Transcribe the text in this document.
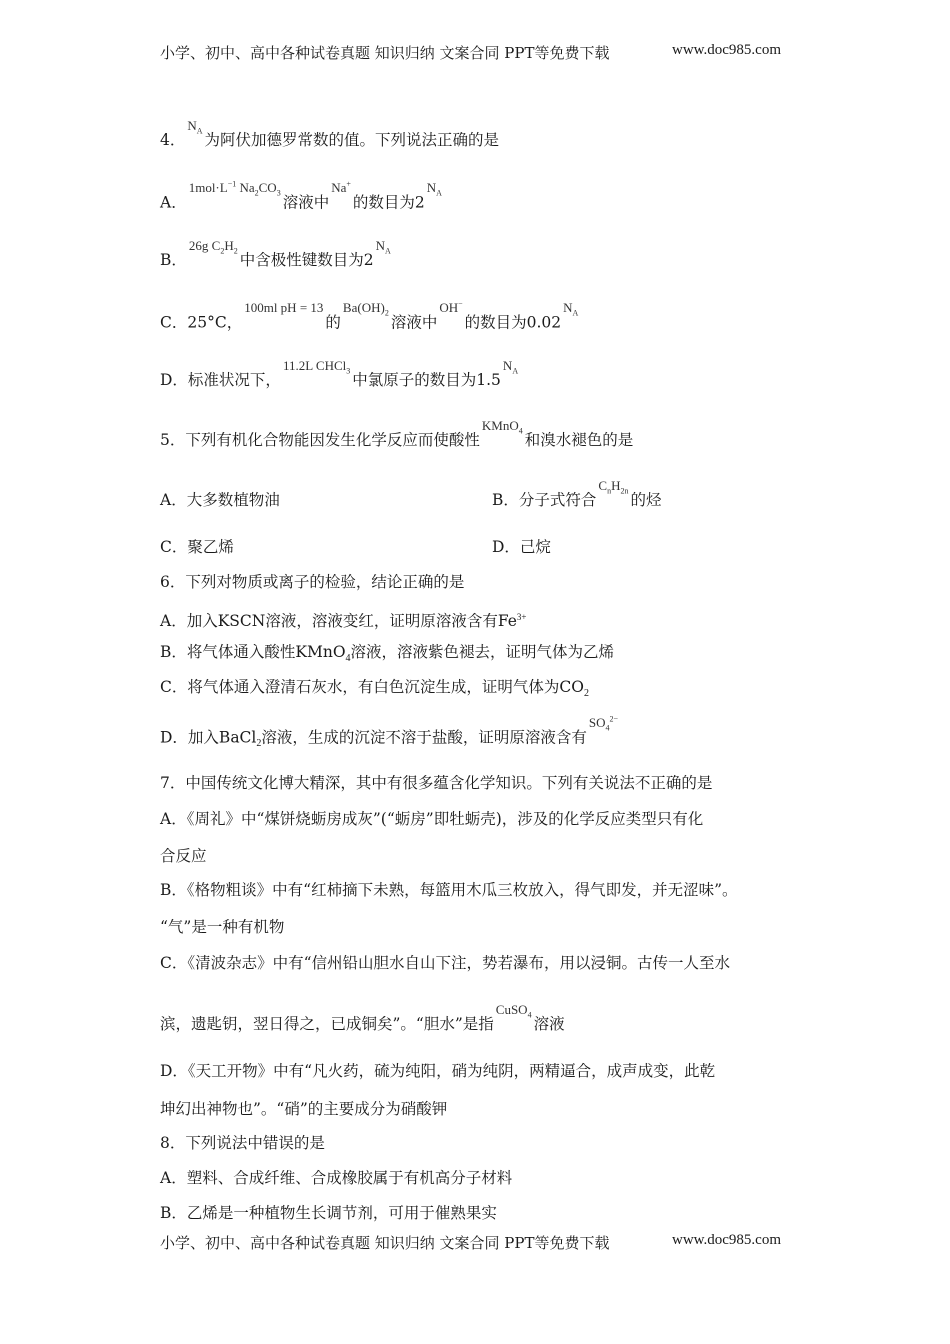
小学、初中、高中各种试卷真题 知识归纳 文案合同 PPT等免费下载	www.doc985.com
4．$^{N_A}$ 为阿伏加德罗常数的值。下列说法正确的是
A．$^{1mol\cdot L^{-1} Na_2CO_3}$ 溶液中$^{Na^+}$的数目为$2^{N_A}$
B．$^{26g C_2H_2}$ 中含极性键数目为$2^{N_A}$
C．25°C，$^{100ml pH = 13}$的$^{Ba(OH)_2}$ 溶液中$^{OH^-}$的数目为$0.02^{N_A}$
D．标准状况下，$^{11.2L CHCl_3}$ 中氯原子的数目为$1.5^{N_A}$
5．下列有机化合物能因发生化学反应而使酸性$^{KMnO_4}$ 和溴水褪色的是
A．大多数植物油	B．分子式符合$^{C_nH_{2n}}$ 的烃
C．聚乙烯	D．己烷
6．下列对物质或离子的检验，结论正确的是
A．加入KSCN溶液，溶液变红，证明原溶液含有$Fe^{3+}$
B．将气体通入酸性KMnO$_4$溶液，溶液紫色褪去，证明气体为乙烯
C．将气体通入澄清石灰水，有白色沉淀生成，证明气体为$CO_2$
D．加入BaCl$_2$溶液，生成的沉淀不溶于盐酸，证明原溶液含有$^{SO_4^{2-}}$
7．中国传统文化博大精深，其中有很多蕴含化学知识。下列有关说法不正确的是
A．《周礼》中“煤饼烧蛎房成灰”(“蛎房”即牡蛎壳)，涉及的化学反应类型只有化
合反应
B．《格物粗谈》中有“红柿摘下未熟，每篮用木瓜三枚放入，得气即发，并无涩味”。
“气”是一种有机物
C．《清波杂志》中有“信州铅山胆水自山下注，势若瀑布，用以浸铜。古传一人至水
滨，遗匙钥，翌日得之，已成铜矣”。“胆水”是指$^{CuSO_4}$ 溶液
D．《天工开物》中有“凡火药，硫为纯阳，硝为纯阴，两精逼合，成声成变，此乾
坤幻出神物也”。“硝”的主要成分为硝酸钾
8．下列说法中错误的是
A．塑料、合成纤维、合成橡胶属于有机高分子材料
B．乙烯是一种植物生长调节剂，可用于催熟果实
小学、初中、高中各种试卷真题 知识归纳 文案合同 PPT等免费下载	www.doc985.com
